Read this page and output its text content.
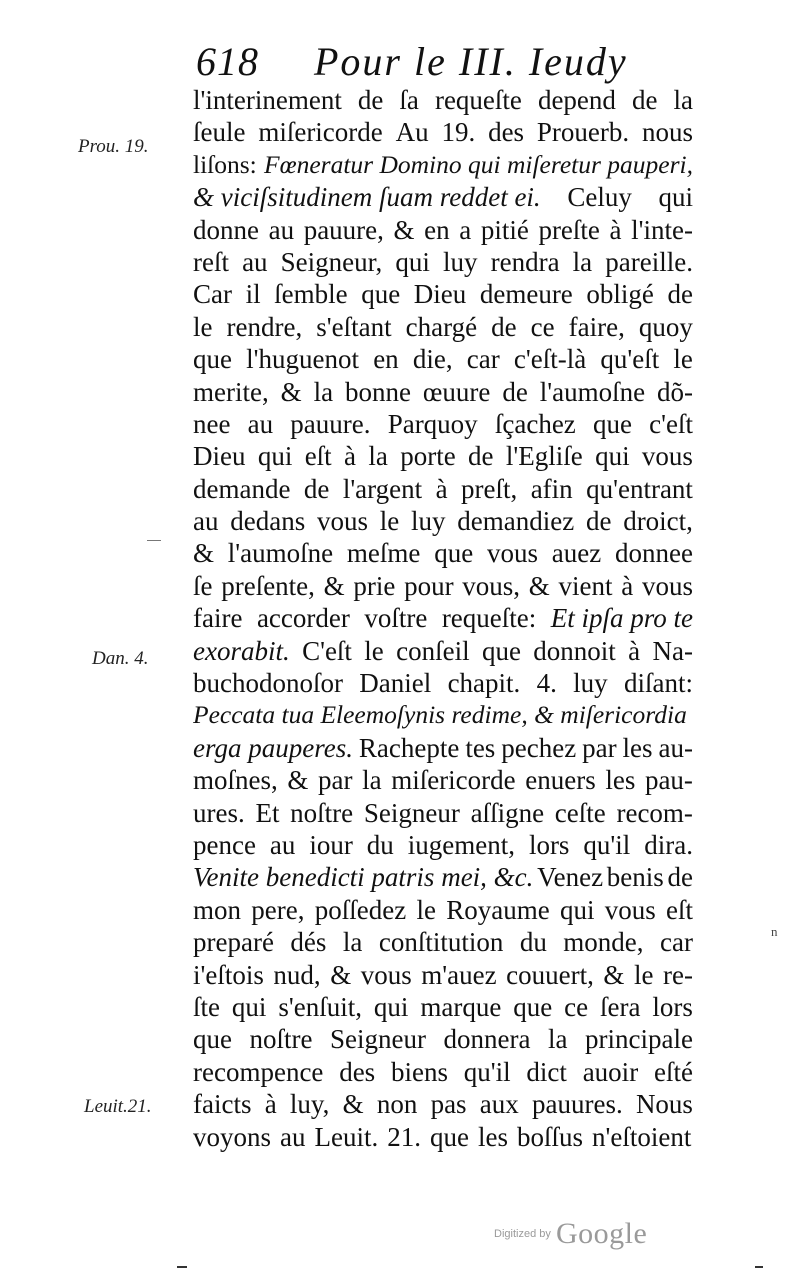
618 Pour le III. Ieudy
Prou. 19.
Dan. 4.
Leuit.21.
l'interinement de ſa requeſte depend de la
ſeule miſericorde Au 19. des Prouerb. nous
liſons: Fœneratur Domino qui miſeretur pauperi,
& viciſsitudinem ſuam reddet ei. Celuy qui
donne au pauure, & en a pitié preſte à l'inte-
reſt au Seigneur, qui luy rendra la pareille.
Car il ſemble que Dieu demeure obligé de
le rendre, s'eſtant chargé de ce faire, quoy
que l'huguenot en die, car c'eſt-là qu'eſt le
merite, & la bonne œuure de l'aumoſne dõ-
nee au pauure. Parquoy ſçachez que c'eſt
Dieu qui eſt à la porte de l'Egliſe qui vous
demande de l'argent à preſt, afin qu'entrant
au dedans vous le luy demandiez de droict,
& l'aumoſne meſme que vous auez donnee
ſe preſente, & prie pour vous, & vient à vous
faire accorder voſtre requeſte: Et ipſa pro te
exorabit. C'eſt le conſeil que donnoit à Na-
buchodonoſor Daniel chapit. 4. luy diſant:
Peccata tua Eleemoſynis redime, & miſericordia
erga pauperes. Rachepte tes pechez par les au-
moſnes, & par la miſericorde enuers les pau-
ures. Et noſtre Seigneur aſſigne ceſte recom-
pence au iour du iugement, lors qu'il dira.
Venite benedicti patris mei, &c. Venez benis de
mon pere, poſſedez le Royaume qui vous eſt
preparé dés la conſtitution du monde, car
i'eſtois nud, & vous m'auez couuert, & le re-
ſte qui s'enſuit, qui marque que ce ſera lors
que noſtre Seigneur donnera la principale
recompence des biens qu'il dict auoir eſté
faicts à luy, & non pas aux pauures. Nous
voyons au Leuit. 21. que les boſſus n'eſtoient
n
Digitized by Google
